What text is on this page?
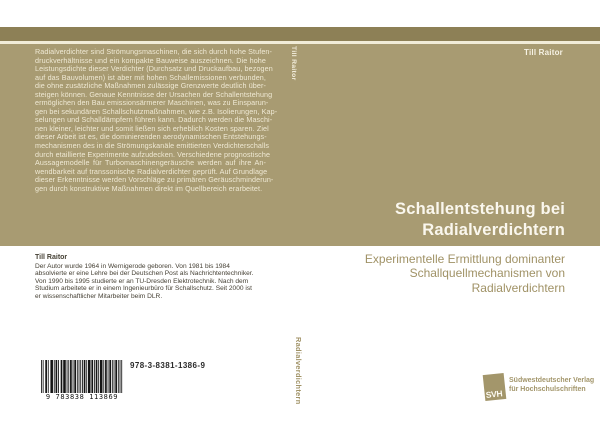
Radialverdichter sind Strömungsmaschinen, die sich durch hohe Stufen-
druckverhältnisse und ein kompakte Bauweise auszeichnen. Die hohe
Leistungsdichte dieser Verdichter (Durchsatz und Druckaufbau, bezogen
auf das Bauvolumen) ist aber mit hohen Schallemissionen verbunden,
die ohne zusätzliche Maßnahmen zulässige Grenzwerte deutlich über-
steigen können. Genaue Kenntnisse der Ursachen der Schallentstehung
ermöglichen den Bau emissionsärmerer Maschinen, was zu Einsparun-
gen bei sekundären Schallschutzmaßnahmen, wie z.B. Isolierungen, Kap-
selungen und Schalldämpfern führen kann. Dadurch werden die Maschi-
nen kleiner, leichter und somit ließen sich erheblich Kosten sparen. Ziel
dieser Arbeit ist es, die dominierenden aerodynamischen Entstehungs-
mechanismen des in die Strömungskanäle emittierten Verdichterschalls
durch etaillierte Experimente aufzudecken. Verschiedene prognostische
Aussagemodelle für Turbomaschinengeräusche werden auf ihre An-
wendbarkeit auf transsonische Radialverdichter geprüft. Auf Grundlage
dieser Erkenntnisse werden Vorschläge zu primären Geräuschminderun-
gen durch konstruktive Maßnahmen direkt im Quellbereich erarbeitet.
Till Raitor
Radialverdichtern
Till Raitor
Schallentstehung bei
Radialverdichtern
Experimentelle Ermittlung dominanter
Schallquellmechanismen von
Radialverdichtern
Till Raitor
Der Autor wurde 1964 in Wernigerode geboren. Von 1981 bis 1984
absolvierte er eine Lehre bei der Deutschen Post als Nachrichtentechniker.
Von 1990 bis 1995 studierte er an TU-Dresden Elektrotechnik. Nach dem
Studium arbeitete er in einem Ingenieurbüro für Schallschutz. Seit 2000 ist
er wissenschaftlicher Mitarbeiter beim DLR.
9 783838 113869
978-3-8381-1386-9
SVH
Südwestdeutscher Verlag
für Hochschulschriften
